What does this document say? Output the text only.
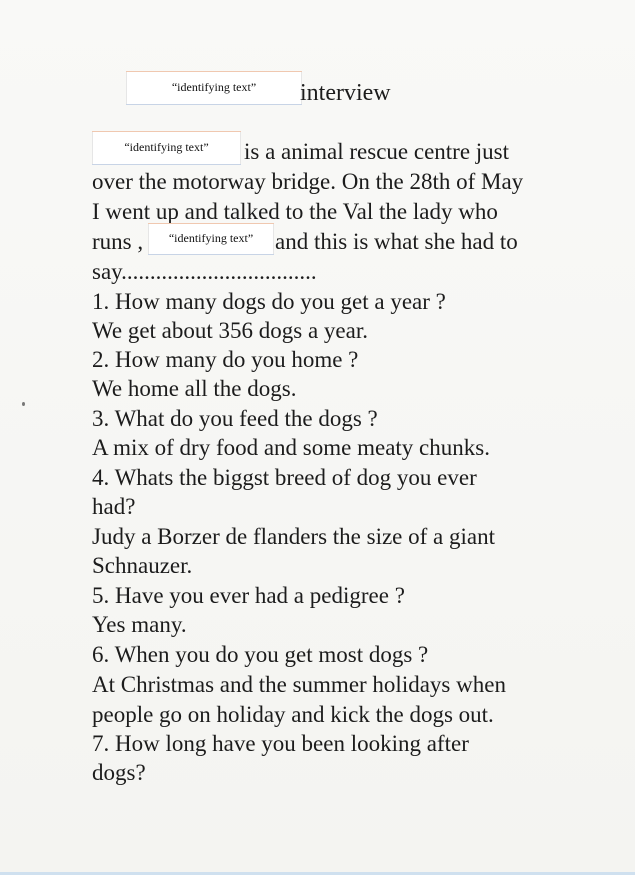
“identifying text”	interview
“identifying text”	is a animal rescue centre just
over the motorway bridge. On the 28th of May
I went up and talked to the Val the lady who
runs ,	“identifying text” and this is what she had to
say..................................
1. How many dogs do you get a year ?
We get about 356 dogs a year.
2. How many do you home ?
We home all the dogs.
3. What do you feed the dogs ?
A mix of dry food and some meaty chunks.
4. Whats the biggst breed of dog you ever
had?
Judy a Borzer de flanders the size of a giant
Schnauzer.
5. Have you ever had a pedigree ?
Yes many.
6. When you do you get most dogs ?
At Christmas and the summer holidays when
people go on holiday and kick the dogs out.
7. How long have you been looking after
dogs?
